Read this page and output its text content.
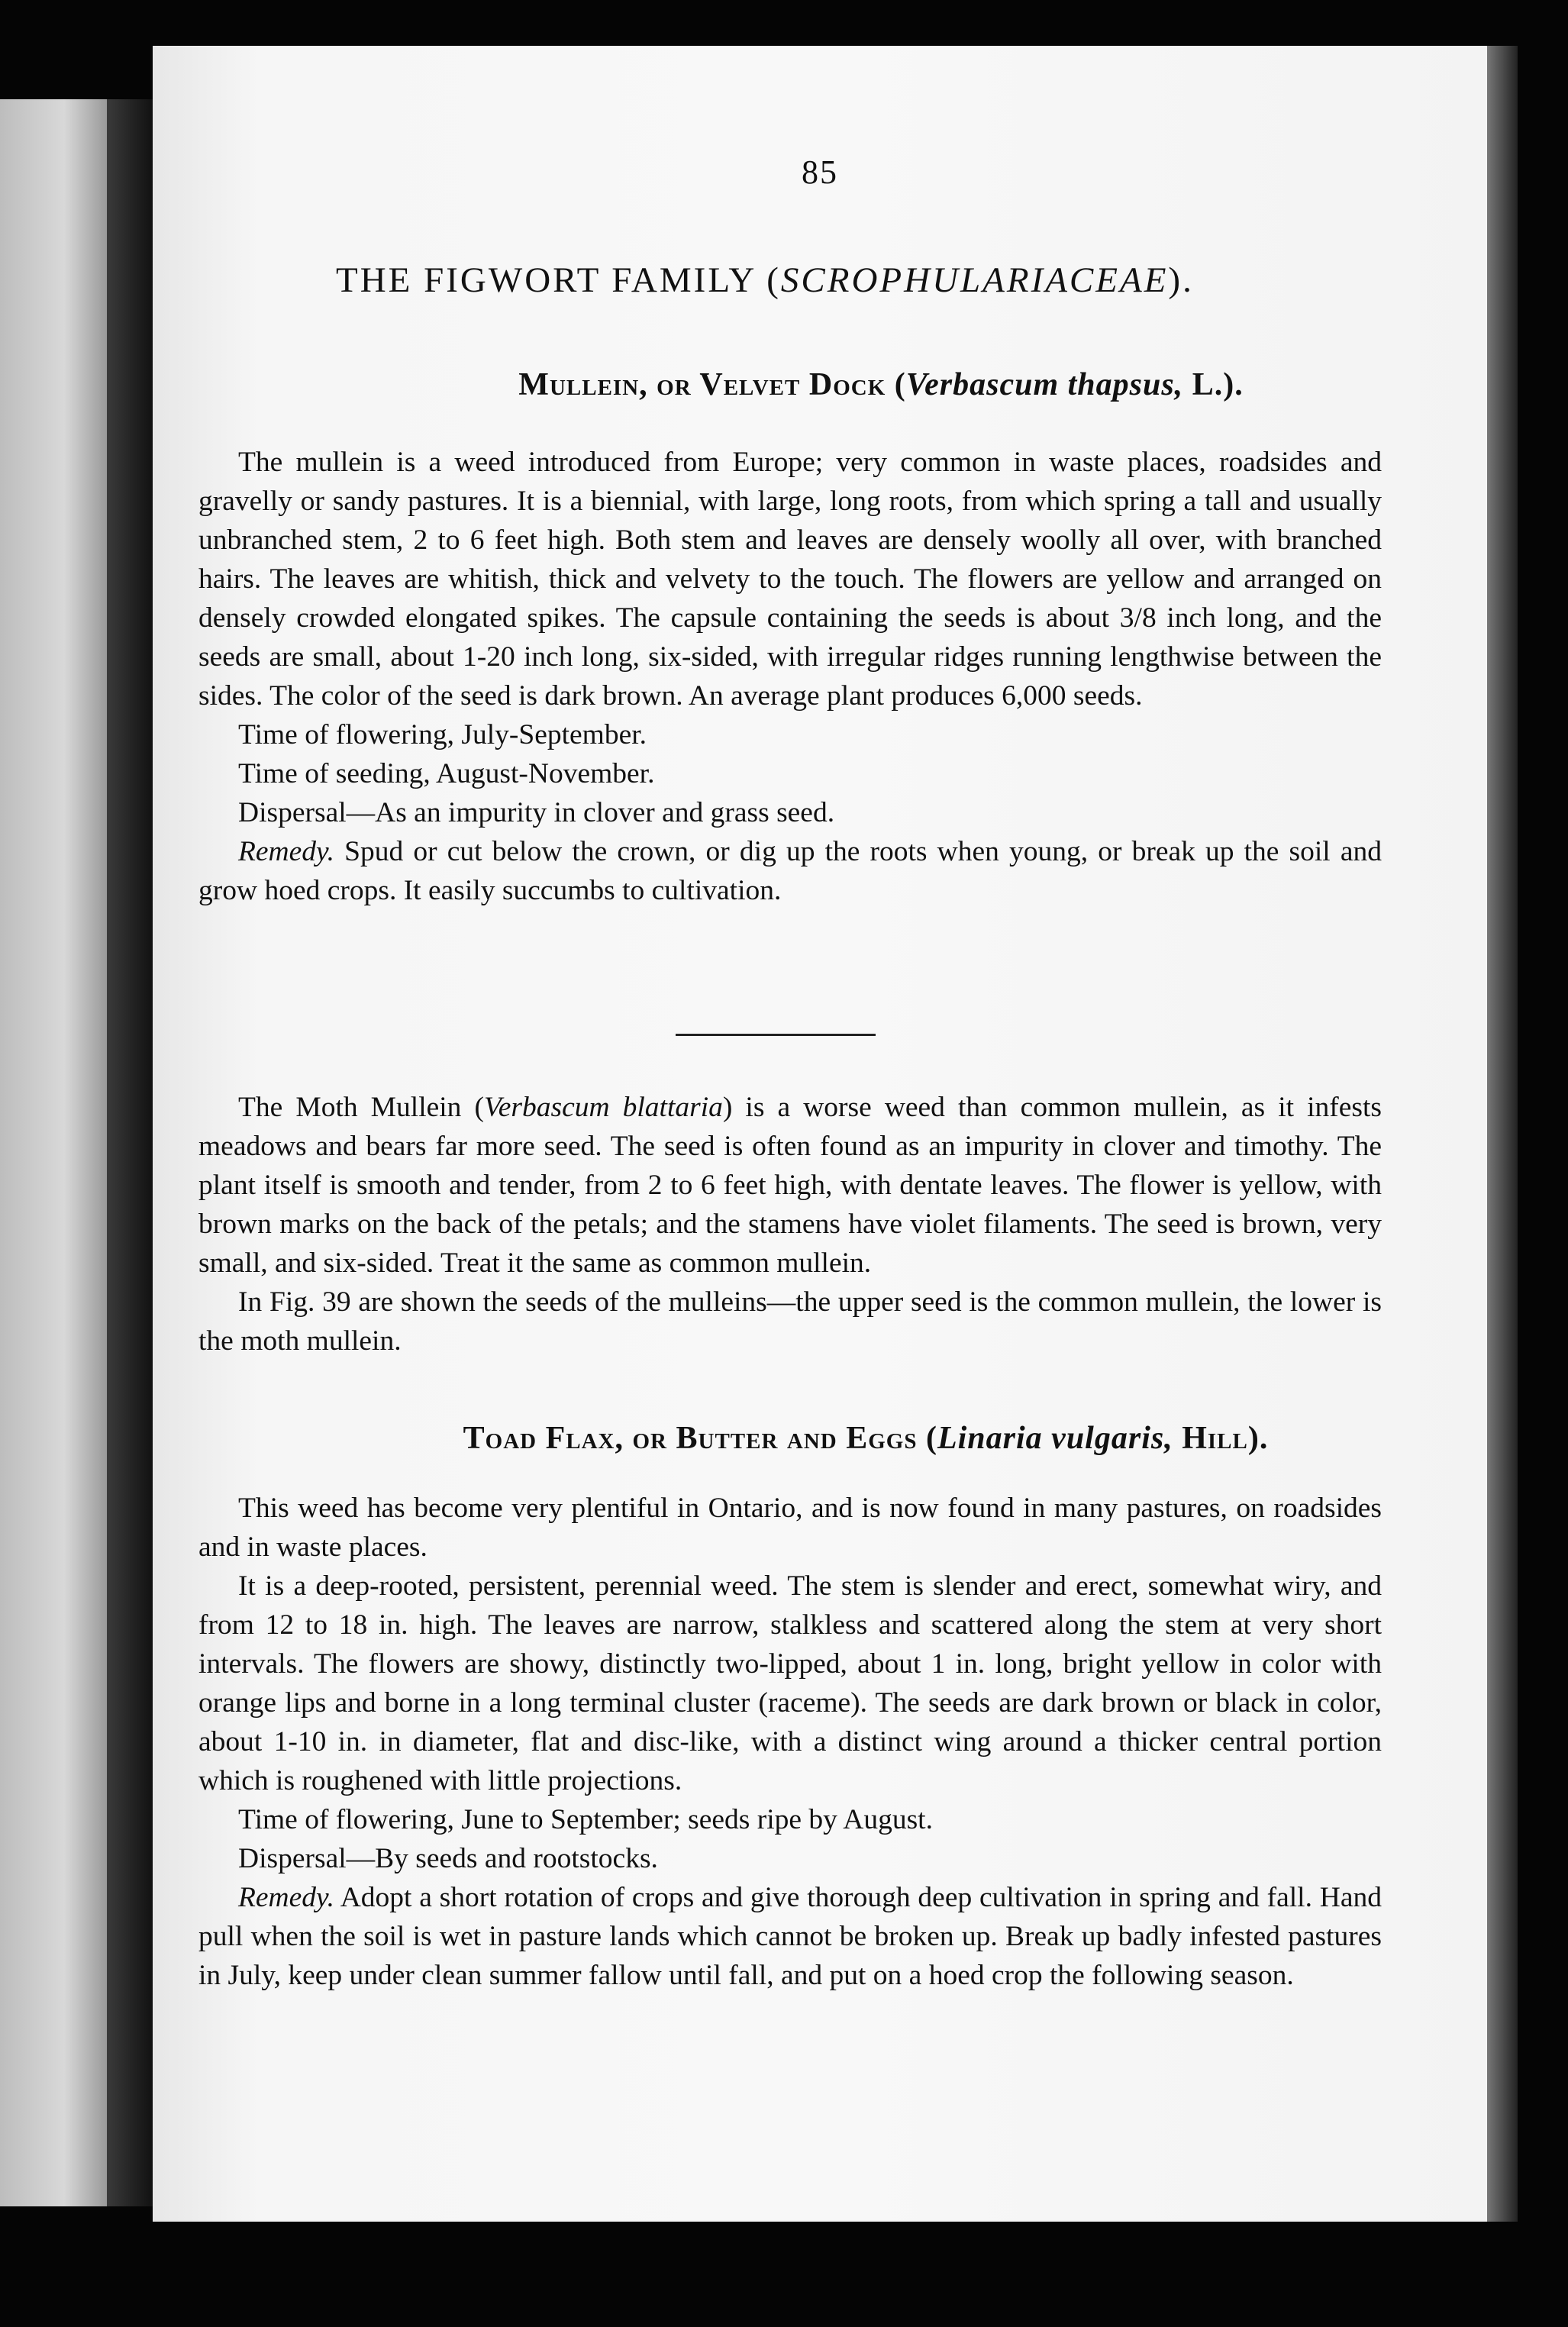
85
THE FIGWORT FAMILY (SCROPHULARIACEAE).
Mullein, or Velvet Dock (Verbascum thapsus, L.).

The mullein is a weed introduced from Europe; very common in waste places, roadsides and gravelly or sandy pastures. It is a biennial, with large, long roots, from which spring a tall and usually unbranched stem, 2 to 6 feet high. Both stem and leaves are densely woolly all over, with branched hairs. The leaves are whitish, thick and velvety to the touch. The flowers are yellow and arranged on densely crowded elongated spikes. The capsule containing the seeds is about 3/8 inch long, and the seeds are small, about 1-20 inch long, six-sided, with irregular ridges running lengthwise between the sides. The color of the seed is dark brown. An average plant produces 6,000 seeds.

Time of flowering, July-September.

Time of seeding, August-November.

Dispersal—As an impurity in clover and grass seed.

Remedy. Spud or cut below the crown, or dig up the roots when young, or break up the soil and grow hoed crops. It easily succumbs to cultivation.

The Moth Mullein (Verbascum blattaria) is a worse weed than common mullein, as it infests meadows and bears far more seed. The seed is often found as an impurity in clover and timothy. The plant itself is smooth and tender, from 2 to 6 feet high, with dentate leaves. The flower is yellow, with brown marks on the back of the petals; and the stamens have violet filaments. The seed is brown, very small, and six-sided. Treat it the same as common mullein.

In Fig. 39 are shown the seeds of the mulleins—the upper seed is the common mullein, the lower is the moth mullein.

Toad Flax, or Butter and Eggs (Linaria vulgaris, Hill).

This weed has become very plentiful in Ontario, and is now found in many pastures, on roadsides and in waste places.

It is a deep-rooted, persistent, perennial weed. The stem is slender and erect, somewhat wiry, and from 12 to 18 in. high. The leaves are narrow, stalkless and scattered along the stem at very short intervals. The flowers are showy, distinctly two-lipped, about 1 in. long, bright yellow in color with orange lips and borne in a long terminal cluster (raceme). The seeds are dark brown or black in color, about 1-10 in. in diameter, flat and disc-like, with a distinct wing around a thicker central portion which is roughened with little projections.

Time of flowering, June to September; seeds ripe by August.

Dispersal—By seeds and rootstocks.

Remedy. Adopt a short rotation of crops and give thorough deep cultivation in spring and fall. Hand pull when the soil is wet in pasture lands which cannot be broken up. Break up badly infested pastures in July, keep under clean summer fallow until fall, and put on a hoed crop the following season.
